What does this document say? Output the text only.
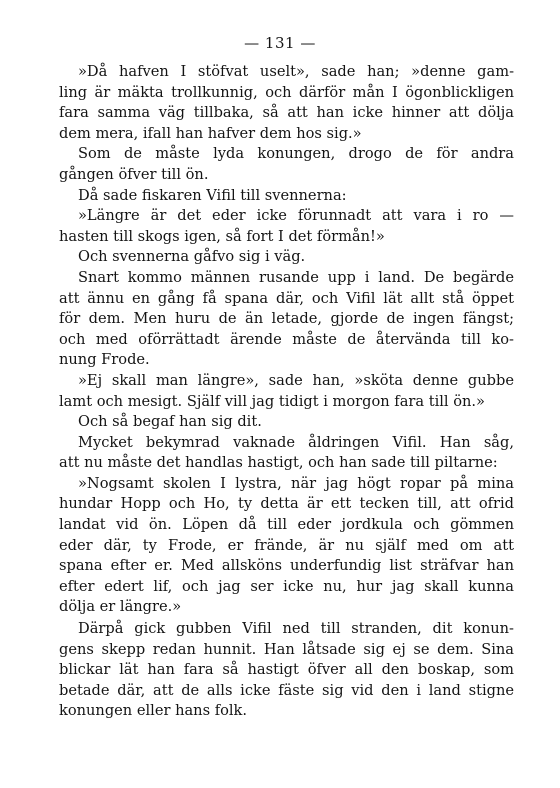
— 131 —
»Då hafven I stöfvat uselt», sade han; »denne gam-
ling är mäkta trollkunnig, och därför mån I ögonblickligen
fara samma väg tillbaka, så att han icke hinner att dölja
dem mera, ifall han hafver dem hos sig.»
Som de måste lyda konungen, drogo de för andra
gången öfver till ön.
Då sade fiskaren Vifil till svennerna:
»Längre är det eder icke förunnadt att vara i ro —
hasten till skogs igen, så fort I det förmån!»
Och svennerna gåfvo sig i väg.
Snart kommo männen rusande upp i land. De begärde
att ännu en gång få spana där, och Vifil lät allt stå öppet
för dem. Men huru de än letade, gjorde de ingen fängst;
och med oförrättadt ärende måste de återvända till ko-
nung Frode.
»Ej skall man längre», sade han, »sköta denne gubbe
lamt och mesigt. Själf vill jag tidigt i morgon fara till ön.»
Och så begaf han sig dit.
Mycket bekymrad vaknade åldringen Vifil. Han såg,
att nu måste det handlas hastigt, och han sade till piltarne:
»Nogsamt skolen I lystra, när jag högt ropar på mina
hundar Hopp och Ho, ty detta är ett tecken till, att ofrid
landat vid ön. Löpen då till eder jordkula och gömmen
eder där, ty Frode, er frände, är nu själf med om att
spana efter er. Med allsköns underfundig list sträfvar han
efter edert lif, och jag ser icke nu, hur jag skall kunna
dölja er längre.»
Därpå gick gubben Vifil ned till stranden, dit konun-
gens skepp redan hunnit. Han låtsade sig ej se dem. Sina
blickar lät han fara så hastigt öfver all den boskap, som
betade där, att de alls icke fäste sig vid den i land stigne
konungen eller hans folk.
